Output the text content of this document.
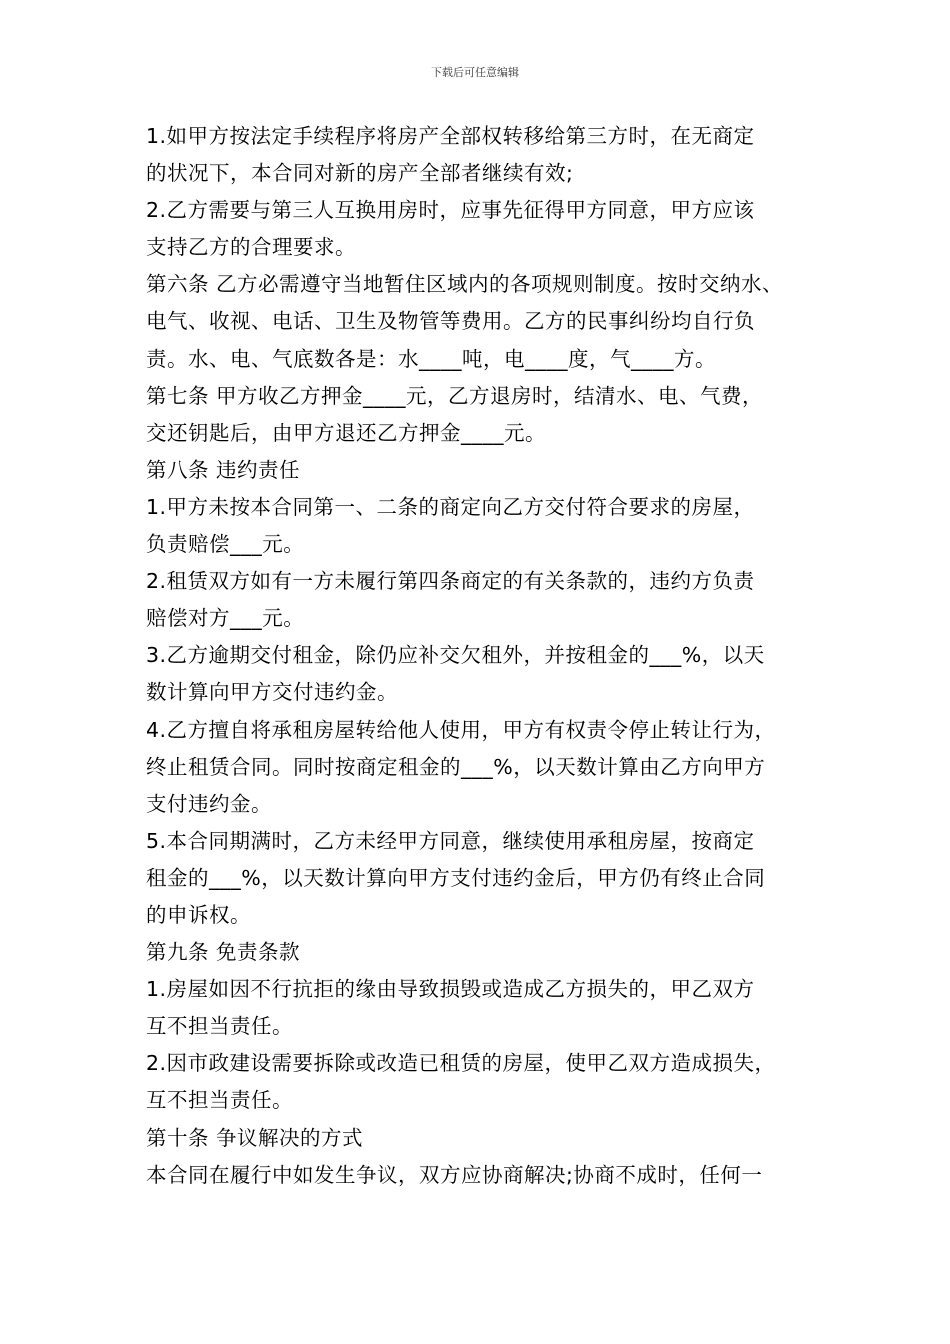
下载后可任意编辑

1.如甲方按法定手续程序将房产全部权转移给第三方时，在无商定

的状况下，本合同对新的房产全部者继续有效;

2.乙方需要与第三人互换用房时，应事先征得甲方同意，甲方应该

支持乙方的合理要求。

第六条 乙方必需遵守当地暂住区域内的各项规则制度。按时交纳水、

电气、收视、电话、卫生及物管等费用。乙方的民事纠纷均自行负

责。水、电、气底数各是：水____吨，电____度，气____方。

第七条 甲方收乙方押金____元，乙方退房时，结清水、电、气费，

交还钥匙后，由甲方退还乙方押金____元。

第八条 违约责任

1.甲方未按本合同第一、二条的商定向乙方交付符合要求的房屋，

负责赔偿___元。

2.租赁双方如有一方未履行第四条商定的有关条款的，违约方负责

赔偿对方___元。

3.乙方逾期交付租金，除仍应补交欠租外，并按租金的___%，以天

数计算向甲方交付违约金。

4.乙方擅自将承租房屋转给他人使用，甲方有权责令停止转让行为，

终止租赁合同。同时按商定租金的___%，以天数计算由乙方向甲方

支付违约金。

5.本合同期满时，乙方未经甲方同意，继续使用承租房屋，按商定

租金的___%，以天数计算向甲方支付违约金后，甲方仍有终止合同

的申诉权。

第九条 免责条款

1.房屋如因不行抗拒的缘由导致损毁或造成乙方损失的，甲乙双方

互不担当责任。

2.因市政建设需要拆除或改造已租赁的房屋，使甲乙双方造成损失，

互不担当责任。

第十条 争议解决的方式

本合同在履行中如发生争议，双方应协商解决;协商不成时，任何一
